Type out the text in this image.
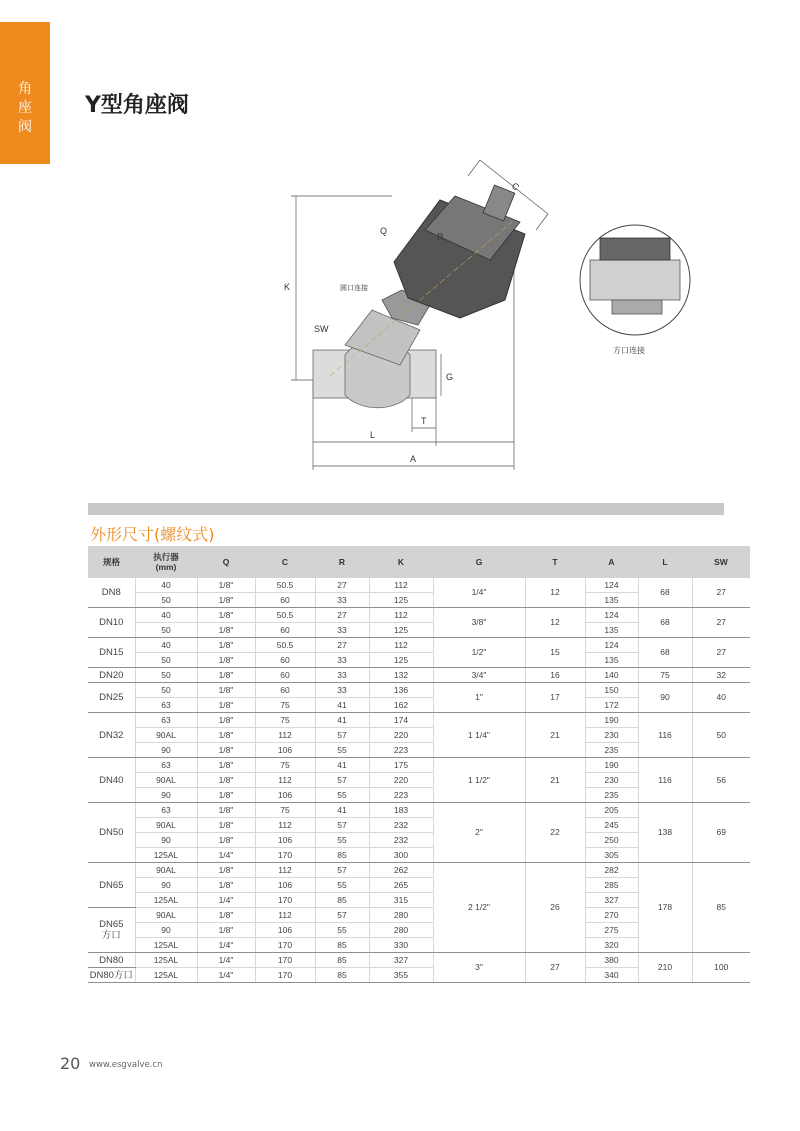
角
座
阀
Y型角座阀
C
Q
R
K
SW
G
T
L
A
圆口连接
方口连接
外形尺寸(螺纹式)
规格	执行器
(mm)	Q	C	R	K	G	T	A	L	SW
DN8	40	1/8"	50.5	27	112	1/4"	12	124	68	27
	50	1/8"	60	33	125			135		
DN10	40	1/8"	50.5	27	112	3/8"	12	124	68	27
	50	1/8"	60	33	125			135		
DN15	40	1/8"	50.5	27	112	1/2"	15	124	68	27
	50	1/8"	60	33	125			135		
DN20	50	1/8"	60	33	132	3/4"	16	140	75	32
DN25	50	1/8"	60	33	136	1"	17	150	90	40
	63	1/8"	75	41	162			172		
DN32	63	1/8"	75	41	174	1 1/4"	21	190	116	50
	90AL	1/8"	112	57	220			230		
	90	1/8"	106	55	223			235		
DN40	63	1/8"	75	41	175	1 1/2"	21	190	116	56
	90AL	1/8"	112	57	220			230		
	90	1/8"	106	55	223			235		
DN50	63	1/8"	75	41	183	2"	22	205	138	69
	90AL	1/8"	112	57	232			245		
	90	1/8"	106	55	232			250		
	125AL	1/4"	170	85	300			305		
DN65	90AL	1/8"	112	57	262	2 1/2"	26	282	178	85
	90	1/8"	106	55	265			285		
	125AL	1/4"	170	85	315			327		
DN65
方口	90AL	1/8"	112	57	280			270		
	90	1/8"	106	55	280			275		
	125AL	1/4"	170	85	330			320		
DN80	125AL	1/4"	170	85	327	3"	27	380	210	100
DN80方口	125AL	1/4"	170	85	355			340		
20 www.esgvalve.cn
